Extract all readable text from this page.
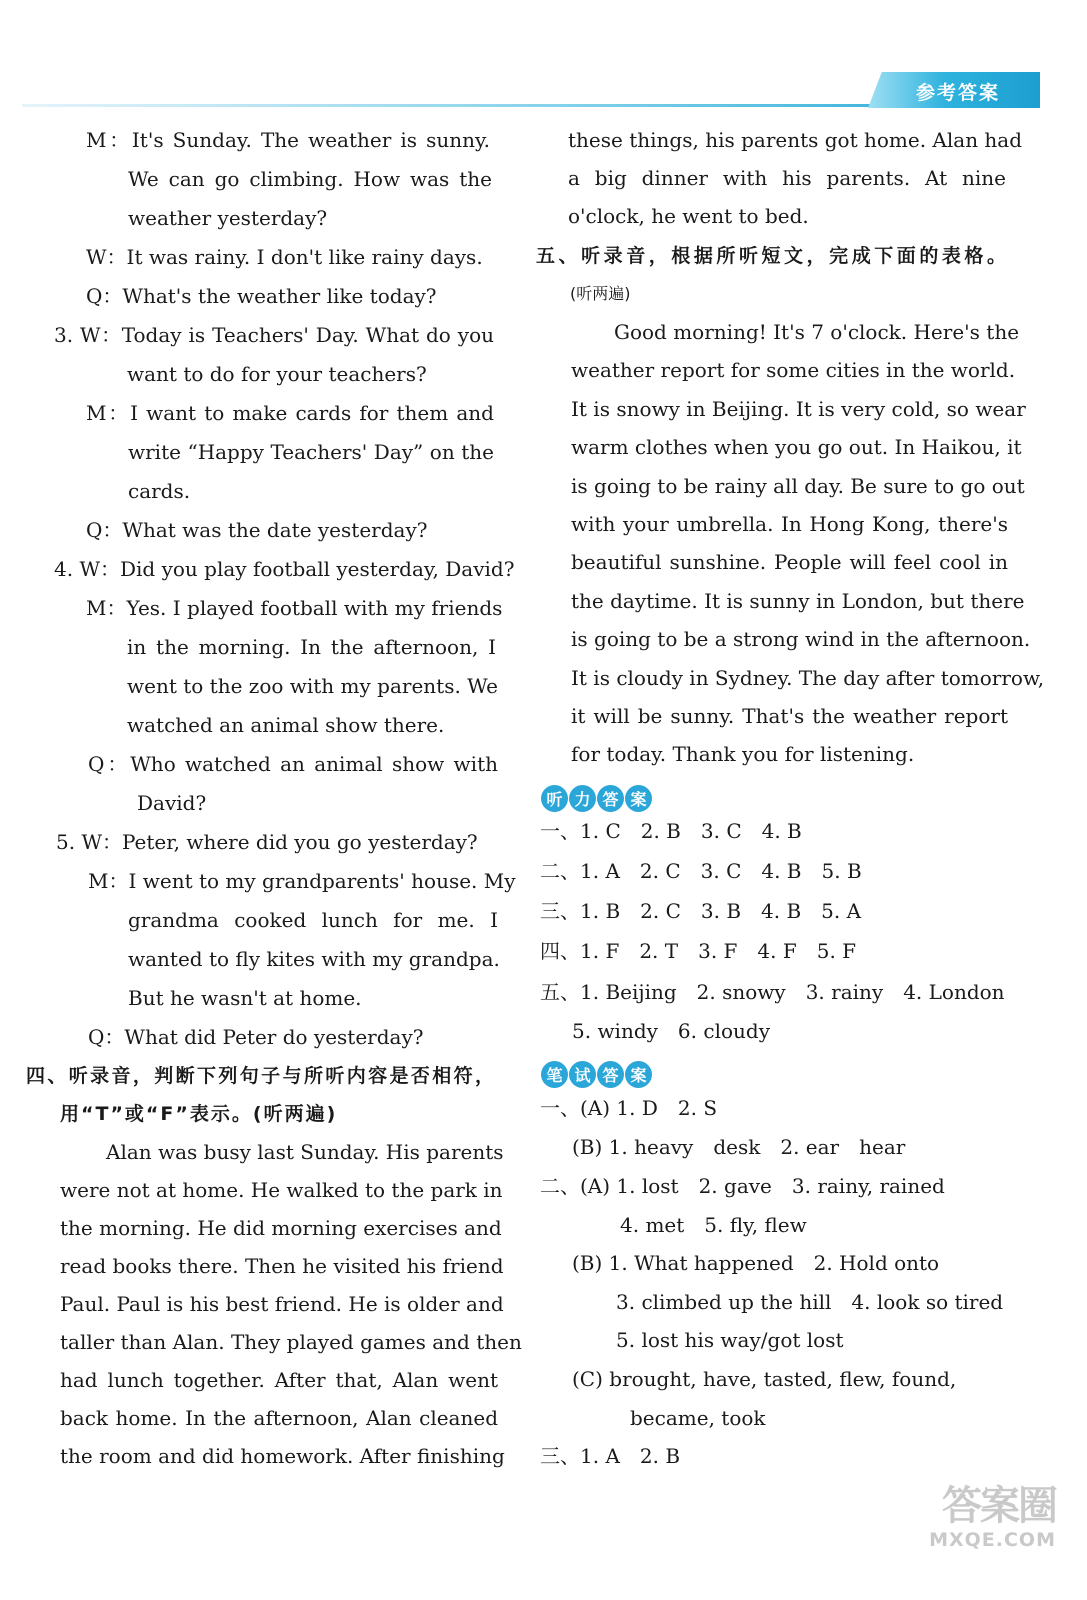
参考答案
M：It's Sunday. The weather is sunny.
We can go climbing. How was the
weather yesterday?
W：It was rainy. I don't like rainy days.
Q：What's the weather like today?
3. W：Today is Teachers' Day. What do you
want to do for your teachers?
M：I want to make cards for them and
write “Happy Teachers' Day” on the
cards.
Q：What was the date yesterday?
4. W：Did you play football yesterday, David?
M：Yes. I played football with my friends
in the morning. In the afternoon, I
went to the zoo with my parents. We
watched an animal show there.
Q：Who watched an animal show with
David?
5. W：Peter, where did you go yesterday?
M：I went to my grandparents' house. My
grandma cooked lunch for me. I
wanted to fly kites with my grandpa.
But he wasn't at home.
Q：What did Peter do yesterday?
四、听录音，判断下列句子与所听内容是否相符，
用“T”或“F”表示。(听两遍)
Alan was busy last Sunday. His parents
were not at home. He walked to the park in
the morning. He did morning exercises and
read books there. Then he visited his friend
Paul. Paul is his best friend. He is older and
taller than Alan. They played games and then
had lunch together. After that, Alan went
back home. In the afternoon, Alan cleaned
the room and did homework. After finishing
these things, his parents got home. Alan had
a big dinner with his parents. At nine
o'clock, he went to bed.
五、听录音，根据所听短文，完成下面的表格。
(听两遍)
Good morning! It's 7 o'clock. Here's the
weather report for some cities in the world.
It is snowy in Beijing. It is very cold, so wear
warm clothes when you go out. In Haikou, it
is going to be rainy all day. Be sure to go out
with your umbrella. In Hong Kong, there's
beautiful sunshine. People will feel cool in
the daytime. It is sunny in London, but there
is going to be a strong wind in the afternoon.
It is cloudy in Sydney. The day after tomorrow,
it will be sunny. That's the weather report
for today. Thank you for listening.
听 力 答 案
一、1. C　2. B　3. C　4. B
二、1. A　2. C　3. C　4. B　5. B
三、1. B　2. C　3. B　4. B　5. A
四、1. F　2. T　3. F　4. F　5. F
五、1. Beijing　2. snowy　3. rainy　4. London
5. windy　6. cloudy
笔 试 答 案
一、(A) 1. D　2. S
(B) 1. heavy　desk　2. ear　hear
二、(A) 1. lost　2. gave　3. rainy, rained
4. met　5. fly, flew
(B) 1. What happened　2. Hold onto
3. climbed up the hill　4. look so tired
5. lost his way/got lost
(C) brought, have, tasted, flew, found,
became, took
三、1. A　2. B
答案圈
MXQE.COM
